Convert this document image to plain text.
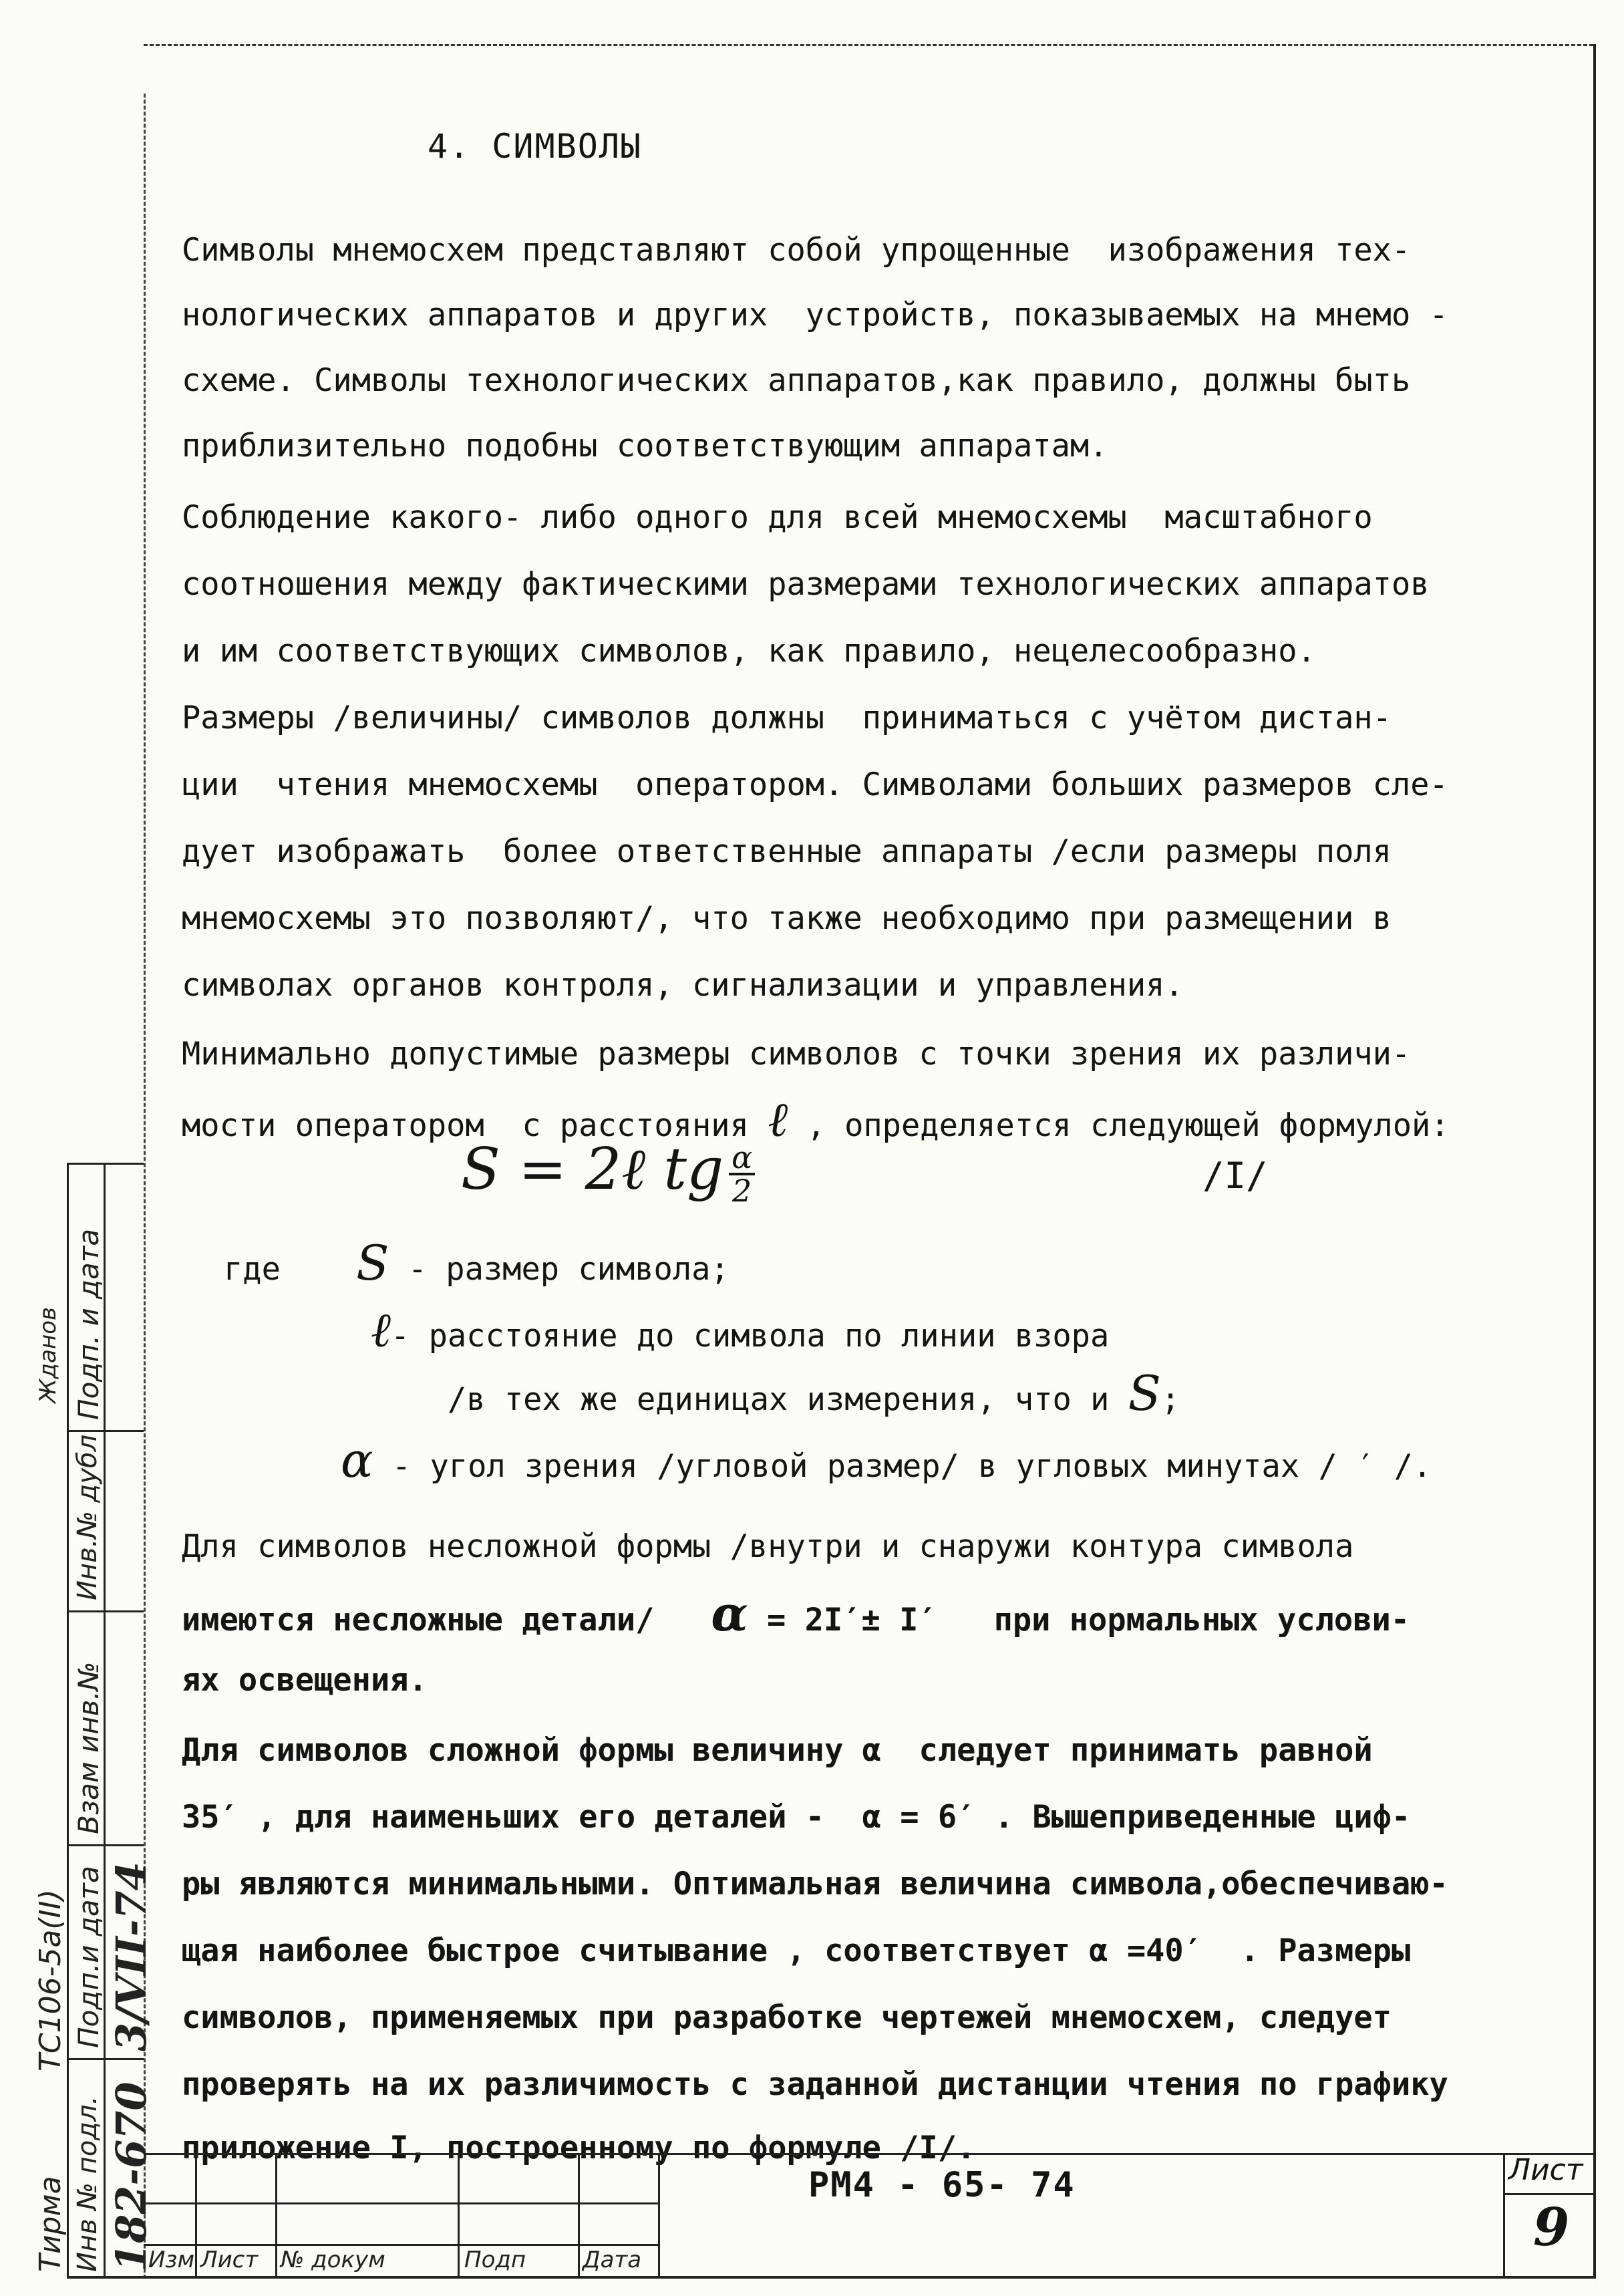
4. СИМВОЛЫ
Символы мнемосхем представляют собой упрощенные  изображения тех-
нологических аппаратов и других  устройств, показываемых на мнемо -
схеме. Символы технологических аппаратов,как правило, должны быть
приблизительно подобны соответствующим аппаратам.
Соблюдение какого- либо одного для всей мнемосхемы  масштабного
соотношения между фактическими размерами технологических аппаратов
и им соответствующих символов, как правило, нецелесообразно.
Размеры /величины/ символов должны  приниматься с учётом дистан-
ции  чтения мнемосхемы  оператором. Символами больших размеров сле-
дует изображать  более ответственные аппараты /если размеры поля
мнемосхемы это позволяют/, что также необходимо при размещении в
символах органов контроля, сигнализации и управления.
Минимально допустимые размеры символов с точки зрения их различи-
мости оператором  с расстояния ℓ , определяется следующей формулой:
S = 2ℓ tg $\frac{\alpha}{2}$	/I/
где S - размер символа;
ℓ- расстояние до символа по линии взора
/в тех же единицах измерения, что и S;
α - угол зрения /угловой размер/ в угловых минутах / ′ /.
Для символов несложной формы /внутри и снаружи контура символа
имеются несложные детали/   α = 2I′± I′   при нормальных услови-
ях освещения.
Для символов сложной формы величину α  следует принимать равной
35′ , для наименьших его деталей -  α = 6′ . Вышеприведенные циф-
ры являются минимальными. Оптимальная величина символа,обеспечиваю-
щая наиболее быстрое считывание , соответствует α =40′  . Размеры
символов, применяемых при разработке чертежей мнемосхем, следует
проверять на их различимость с заданной дистанции чтения по графику
приложение I, построенному по формуле /I/.
Изм Лист № докум	Подп Дата
РМ4 - 65- 74	Лист
9
Подп. и дата
Инв.№ дубл
Взам инв.№
Подп.и дата
Инв № подл.
3/VII-74
182-670
ТС106-5а(II)
Тирма
Жданов
